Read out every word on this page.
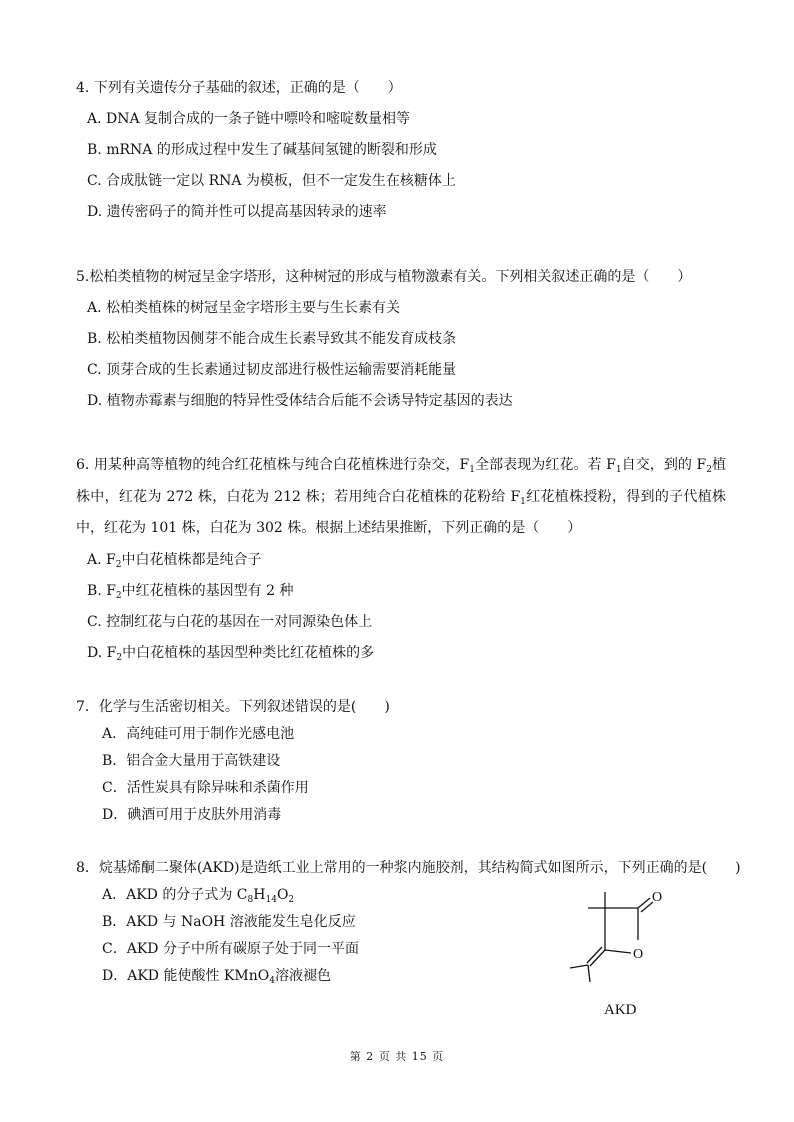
4. 下列有关遗传分子基础的叙述，正确的是（　　）
A. DNA 复制合成的一条子链中嘌呤和嘧啶数量相等
B. mRNA 的形成过程中发生了碱基间氢键的断裂和形成
C. 合成肽链一定以 RNA 为模板，但不一定发生在核糖体上
D. 遗传密码子的简并性可以提高基因转录的速率
5.松柏类植物的树冠呈金字塔形，这种树冠的形成与植物激素有关。下列相关叙述正确的是（　　）
A. 松柏类植株的树冠呈金字塔形主要与生长素有关
B. 松柏类植物因侧芽不能合成生长素导致其不能发育成枝条
C. 顶芽合成的生长素通过韧皮部进行极性运输需要消耗能量
D. 植物赤霉素与细胞的特异性受体结合后能不会诱导特定基因的表达
6. 用某种高等植物的纯合红花植株与纯合白花植株进行杂交，$F_1$全部表现为红花。若 $F_1$自交，到的 $F_2$植株中，红花为 272 株，白花为 212 株；若用纯合白花植株的花粉给 $F_1$红花植株授粉，得到的子代植株中，红花为 101 株，白花为 302 株。根据上述结果推断，下列正确的是（　　）
A. $F_2$中白花植株都是纯合子
B. $F_2$中红花植株的基因型有 2 种
C. 控制红花与白花的基因在一对同源染色体上
D. $F_2$中白花植株的基因型种类比红花植株的多
7．化学与生活密切相关。下列叙述错误的是(　　)
A．高纯硅可用于制作光感电池
B．铝合金大量用于高铁建设
C．活性炭具有除异味和杀菌作用
D．碘酒可用于皮肤外用消毒
8．烷基烯酮二聚体(AKD)是造纸工业上常用的一种浆内施胶剂，其结构简式如图所示，下列正确的是(　　)
A．AKD 的分子式为 $C_8H_{14}O_2$
B．AKD 与 NaOH 溶液能发生皂化反应
C．AKD 分子中所有碳原子处于同一平面
D．AKD 能使酸性 KMnO$_4$溶液褪色
O
O
AKD
第 2 页 共 15 页
